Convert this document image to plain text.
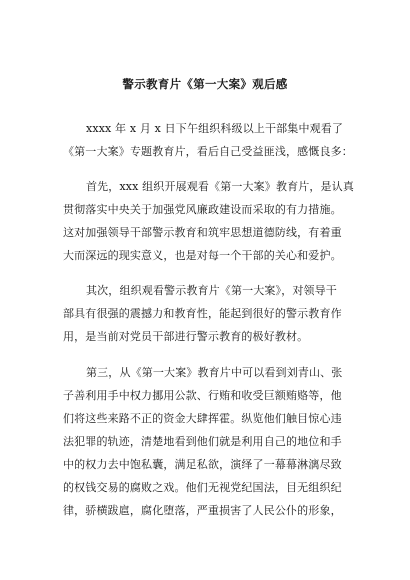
警示教育片《第一大案》观后感
xxxx 年 x 月 x 日下午组织科级以上干部集中观看了
《第一大案》专题教育片，看后自己受益匪浅，感慨良多：
首先，xxx 组织开展观看《第一大案》教育片，是认真
贯彻落实中央关于加强党风廉政建设而采取的有力措施。
这对加强领导干部警示教育和筑牢思想道德防线，有着重
大而深远的现实意义，也是对每一个干部的关心和爱护。
其次，组织观看警示教育片《第一大案》，对领导干
部具有很强的震撼力和教育性，能起到很好的警示教育作
用，是当前对党员干部进行警示教育的极好教材。
第三，从《第一大案》教育片中可以看到刘青山、张
子善利用手中权力挪用公款、行贿和收受巨额贿赂等，他
们将这些来路不正的资金大肆挥霍。纵览他们触目惊心违
法犯罪的轨迹，清楚地看到他们就是利用自己的地位和手
中的权力去中饱私囊，满足私欲，演绎了一幕幕淋漓尽致
的权钱交易的腐败之戏。他们无视党纪国法，目无组织纪
律，骄横跋扈，腐化堕落，严重损害了人民公仆的形象，
